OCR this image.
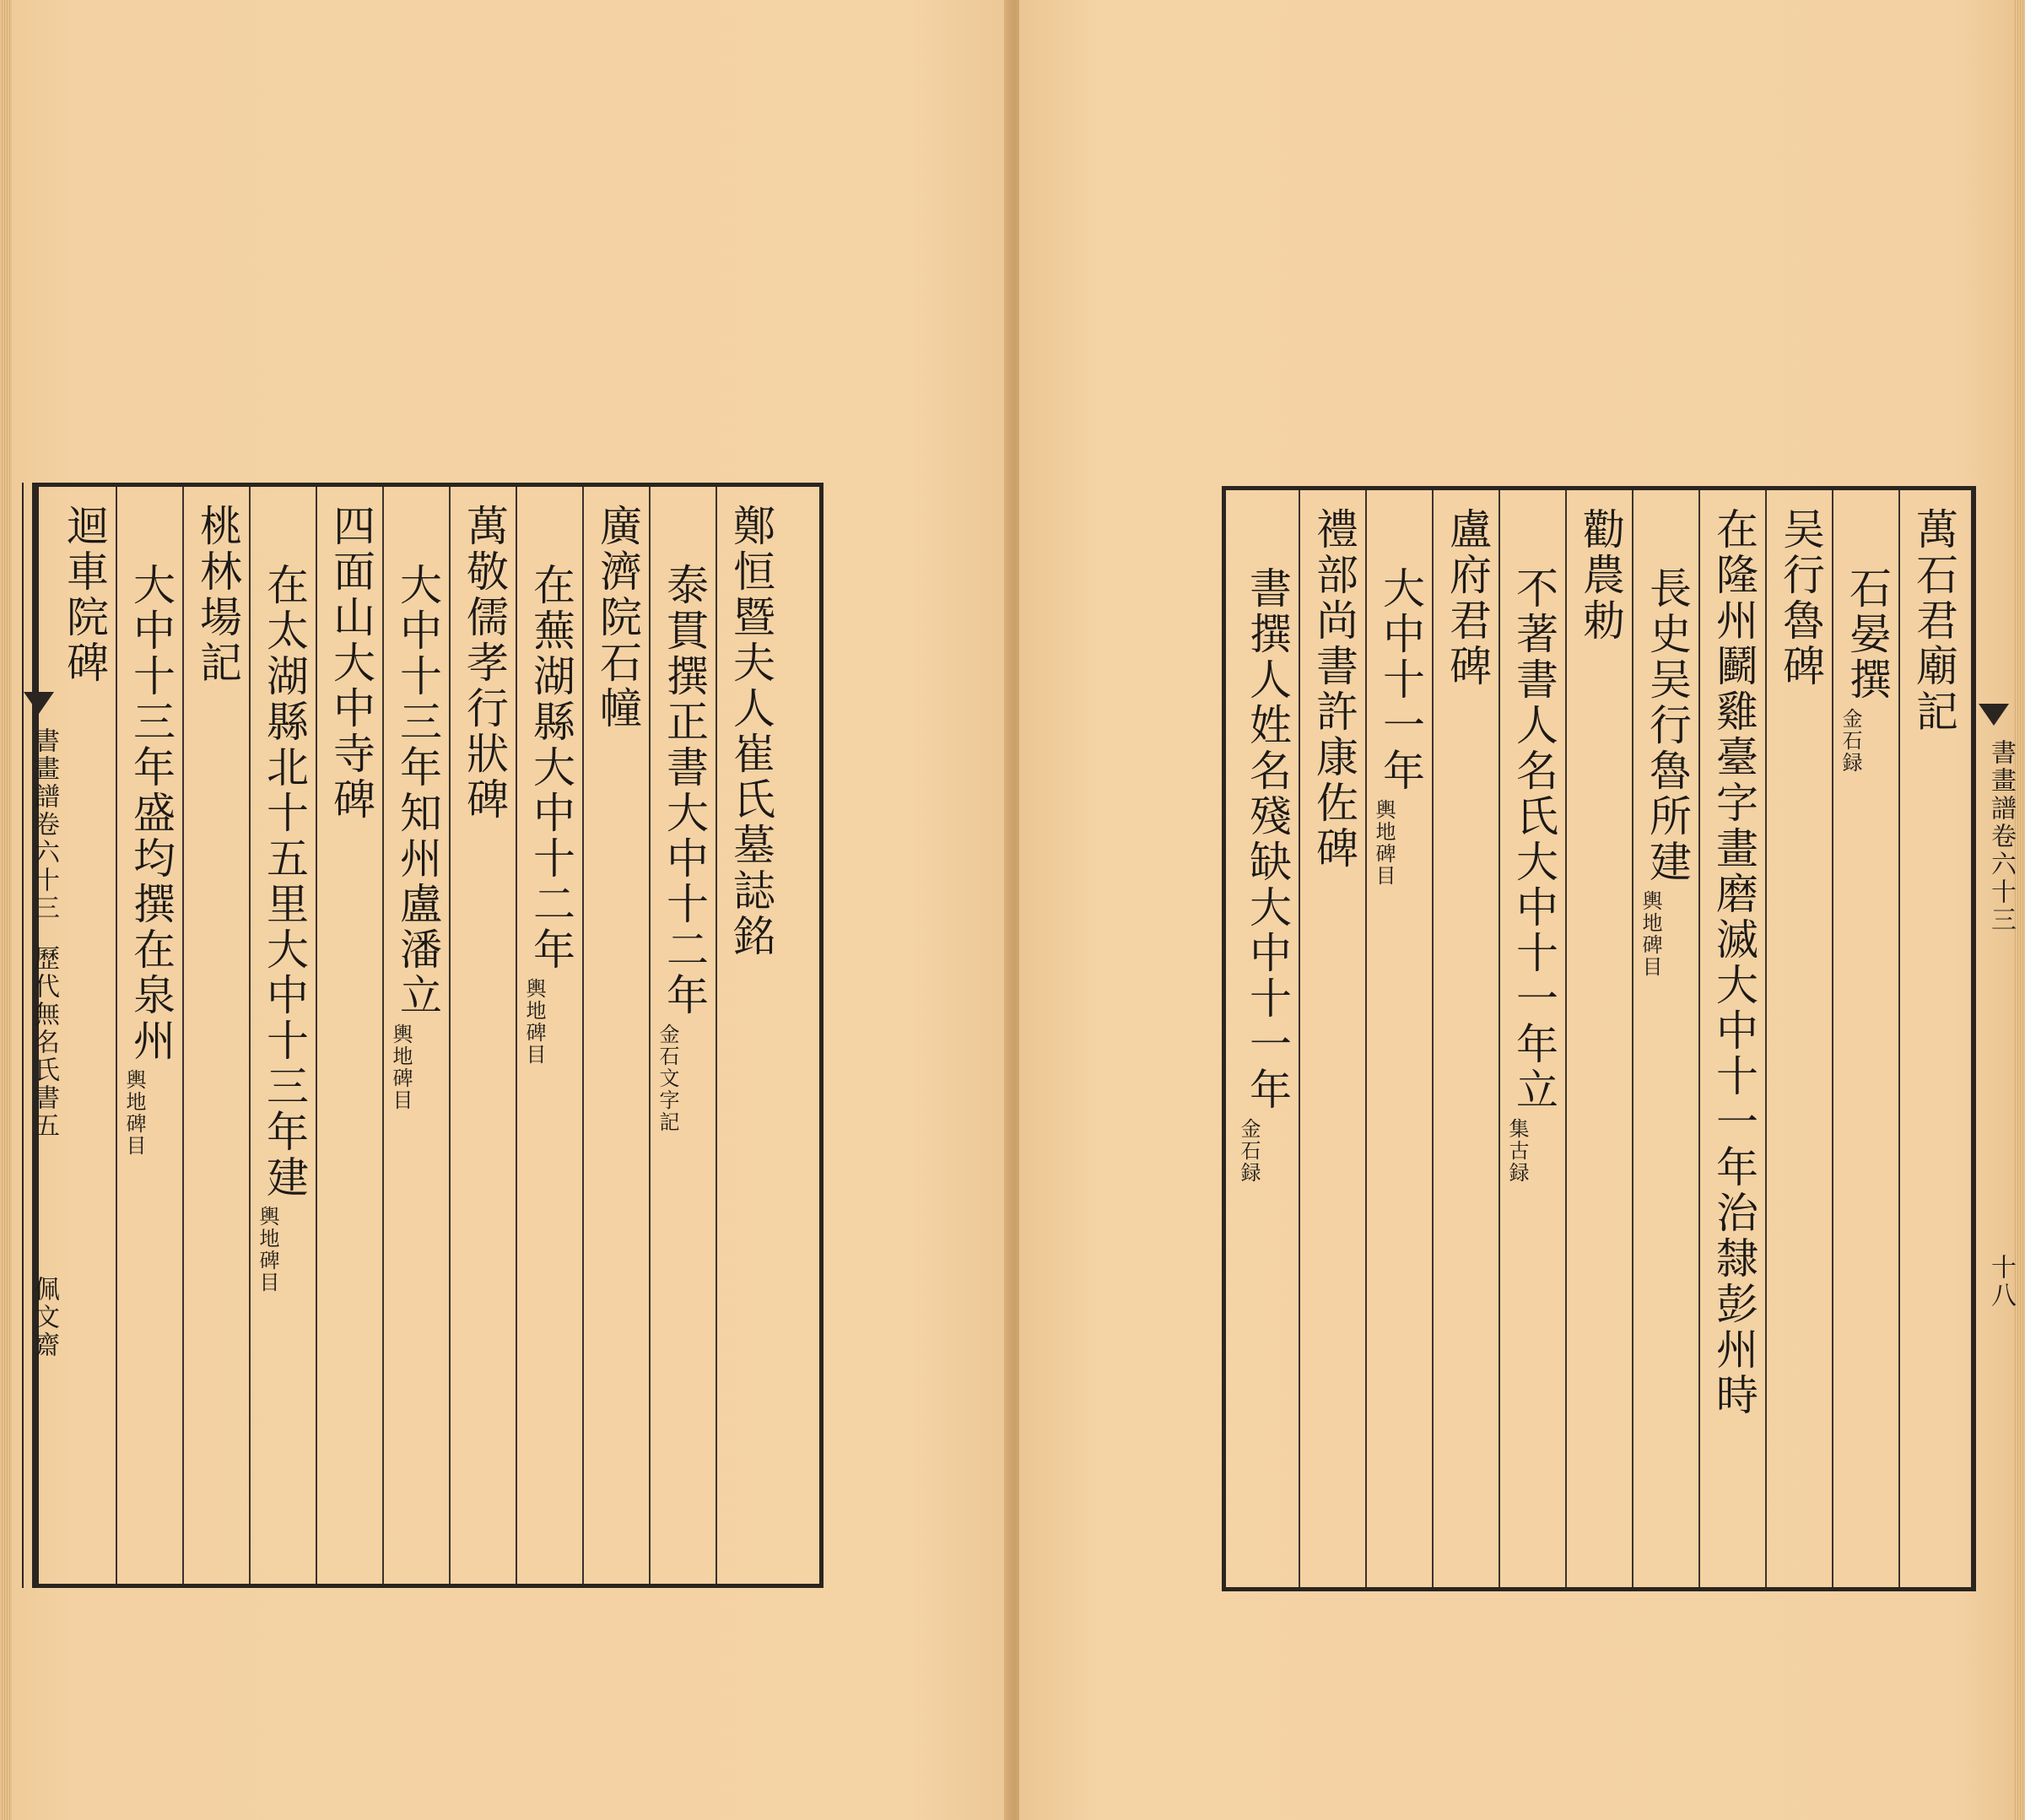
鄭恒暨夫人崔氏墓誌銘
泰貫撰正書大中十二年
金石文字記
廣濟院石幢
在蕪湖縣大中十二年
輿地碑目
萬敬儒孝行狀碑
大中十三年知州盧潘立
輿地碑目
四面山大中寺碑
在太湖縣北十五里大中十三年建
輿地碑目
桃林場記
大中十三年盛均撰在泉州
輿地碑目
迴車院碑
書畫譜卷六十三
歷代無名氏書五
佩文齋
萬石君廟記
石晏撰
金石録
吴行魯碑
在隆州鬬雞臺字畫磨滅大中十一年治隸彭州時
長史吴行魯所建
輿地碑目
勸農勅
不著書人名氏大中十一年立
集古録
盧府君碑
大中十一年
輿地碑目
禮部尚書許康佐碑
書撰人姓名殘缺大中十一年
金石録
書畫譜卷六十三
十八
